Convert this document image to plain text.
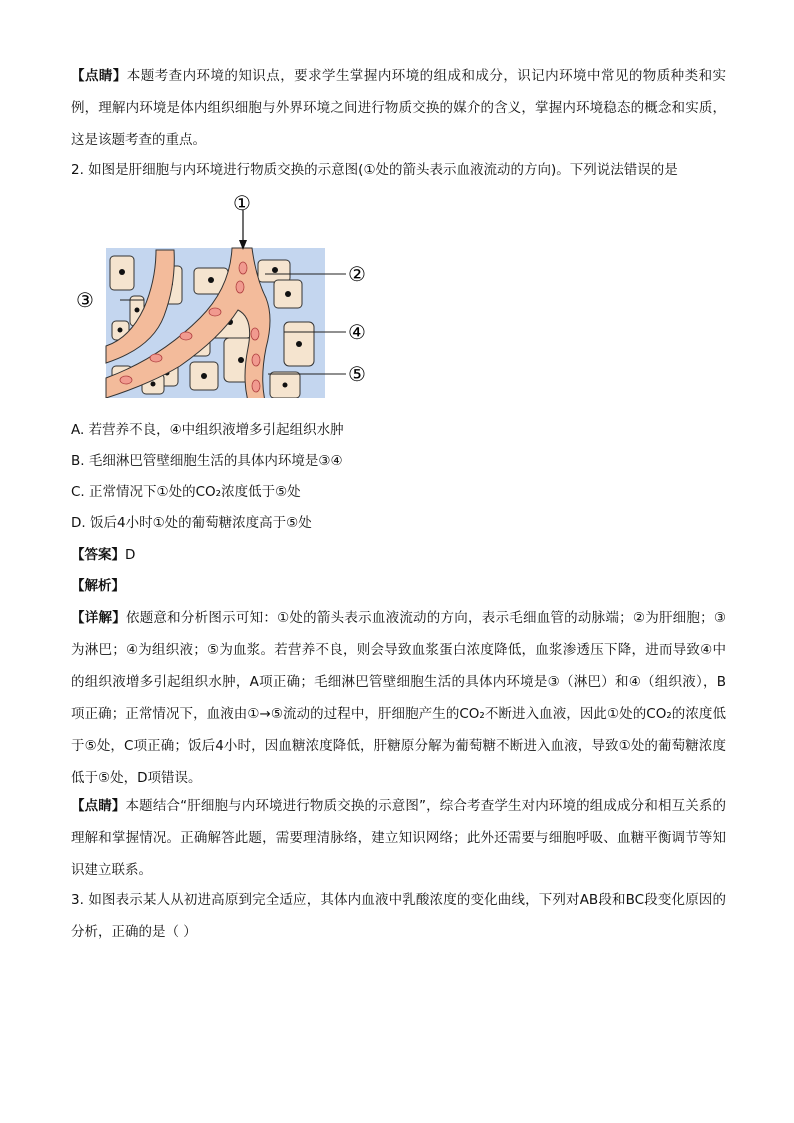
【点睛】本题考查内环境的知识点，要求学生掌握内环境的组成和成分，识记内环境中常见的物质种类和实例，理解内环境是体内组织细胞与外界环境之间进行物质交换的媒介的含义，掌握内环境稳态的概念和实质，这是该题考查的重点。

2. 如图是肝细胞与内环境进行物质交换的示意图(①处的箭头表示血液流动的方向)。下列说法错误的是
①
②
③
④
⑤
A. 若营养不良，④中组织液增多引起组织水肿
B. 毛细淋巴管壁细胞生活的具体内环境是③④
C. 正常情况下①处的CO₂浓度低于⑤处
D. 饭后4小时①处的葡萄糖浓度高于⑤处
【答案】D
【解析】

【详解】依题意和分析图示可知：①处的箭头表示血液流动的方向，表示毛细血管的动脉端；②为肝细胞；③为淋巴；④为组织液；⑤为血浆。若营养不良，则会导致血浆蛋白浓度降低，血浆渗透压下降，进而导致④中的组织液增多引起组织水肿，A项正确；毛细淋巴管壁细胞生活的具体内环境是③（淋巴）和④（组织液），B项正确；正常情况下，血液由①→⑤流动的过程中，肝细胞产生的CO₂不断进入血液，因此①处的CO₂的浓度低于⑤处，C项正确；饭后4小时，因血糖浓度降低，肝糖原分解为葡萄糖不断进入血液，导致①处的葡萄糖浓度低于⑤处，D项错误。

【点睛】本题结合“肝细胞与内环境进行物质交换的示意图”，综合考查学生对内环境的组成成分和相互关系的理解和掌握情况。正确解答此题，需要理清脉络，建立知识网络；此外还需要与细胞呼吸、血糖平衡调节等知识建立联系。

3. 如图表示某人从初进高原到完全适应，其体内血液中乳酸浓度的变化曲线，下列对AB段和BC段变化原因的分析，正确的是（ ）
